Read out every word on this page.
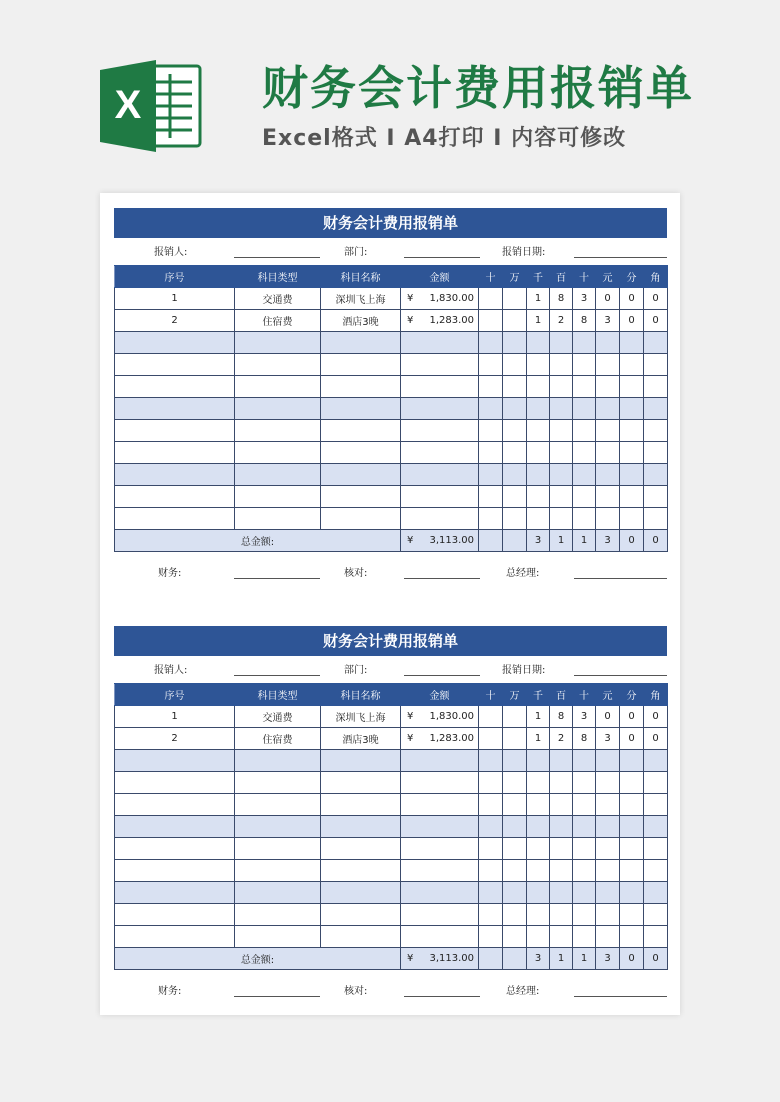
X	财务会计费用报销单
Excel格式 I A4打印 I 内容可修改
财务会计费用报销单
报销人:	部门:	报销日期:
序号	科目类型	科目名称	金额	十	万	千	百	十	元	分	角
1	交通费	深圳飞上海	¥ 1,830.00			1	8	3	0	0	0
2	住宿费	酒店3晚	¥ 1,283.00			1	2	8	3	0	0

总金额:			¥ 3,113.00			3	1	1	3	0	0
财务:	核对:	总经理:
财务会计费用报销单
报销人:	部门:	报销日期:
序号	科目类型	科目名称	金额	十	万	千	百	十	元	分	角
1	交通费	深圳飞上海	¥ 1,830.00			1	8	3	0	0	0
2	住宿费	酒店3晚	¥ 1,283.00			1	2	8	3	0	0

总金额:			¥ 3,113.00			3	1	1	3	0	0
财务:	核对:	总经理:
